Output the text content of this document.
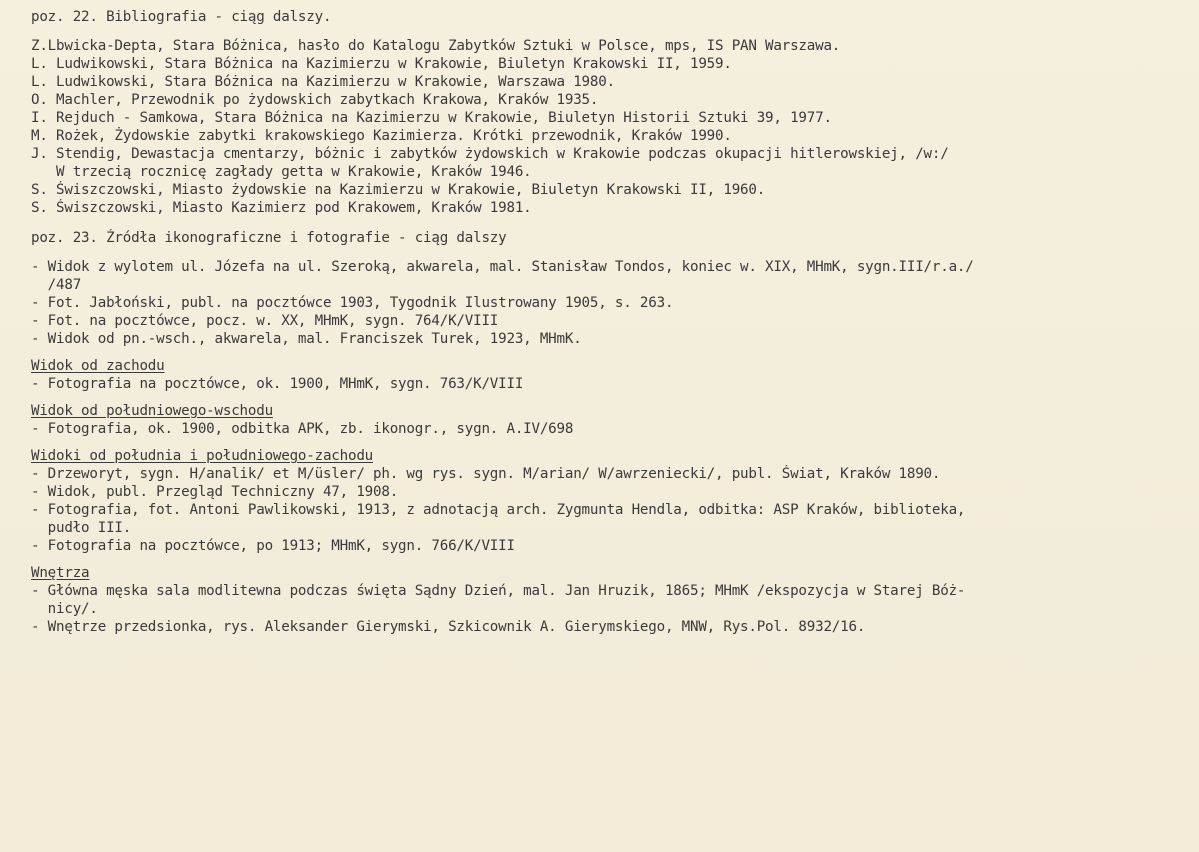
poz. 22. Bibliografia - ciąg dalszy.
Z.Lbwicka-Depta, Stara Bóżnica, hasło do Katalogu Zabytków Sztuki w Polsce, mps, IS PAN Warszawa.
L. Ludwikowski, Stara Bóżnica na Kazimierzu w Krakowie, Biuletyn Krakowski II, 1959.
L. Ludwikowski, Stara Bóżnica na Kazimierzu w Krakowie, Warszawa 1980.
O. Machler, Przewodnik po żydowskich zabytkach Krakowa, Kraków 1935.
I. Rejduch - Samkowa, Stara Bóżnica na Kazimierzu w Krakowie, Biuletyn Historii Sztuki 39, 1977.
M. Rożek, Żydowskie zabytki krakowskiego Kazimierza. Krótki przewodnik, Kraków 1990.
J. Stendig, Dewastacja cmentarzy, bóżnic i zabytków żydowskich w Krakowie podczas okupacji hitlerowskiej, /w:/
W trzecią rocznicę zagłady getta w Krakowie, Kraków 1946.
S. Świszczowski, Miasto żydowskie na Kazimierzu w Krakowie, Biuletyn Krakowski II, 1960.
S. Świszczowski, Miasto Kazimierz pod Krakowem, Kraków 1981.
poz. 23. Źródła ikonograficzne i fotografie - ciąg dalszy
- Widok z wylotem ul. Józefa na ul. Szeroką, akwarela, mal. Stanisław Tondos, koniec w. XIX, MHmK, sygn.III/r.a./
/487
- Fot. Jabłoński, publ. na pocztówce 1903, Tygodnik Ilustrowany 1905, s. 263.
- Fot. na pocztówce, pocz. w. XX, MHmK, sygn. 764/K/VIII
- Widok od pn.-wsch., akwarela, mal. Franciszek Turek, 1923, MHmK.
Widok od zachodu
- Fotografia na pocztówce, ok. 1900, MHmK, sygn. 763/K/VIII
Widok od południowego-wschodu
- Fotografia, ok. 1900, odbitka APK, zb. ikonogr., sygn. A.IV/698
Widoki od południa i południowego-zachodu
- Drzeworyt, sygn. H/analik/ et M/üsler/ ph. wg rys. sygn. M/arian/ W/awrzeniecki/, publ. Świat, Kraków 1890.
- Widok, publ. Przegląd Techniczny 47, 1908.
- Fotografia, fot. Antoni Pawlikowski, 1913, z adnotacją arch. Zygmunta Hendla, odbitka: ASP Kraków, biblioteka,
pudło III.
- Fotografia na pocztówce, po 1913; MHmK, sygn. 766/K/VIII
Wnętrza
- Główna męska sala modlitewna podczas święta Sądny Dzień, mal. Jan Hruzik, 1865; MHmK /ekspozycja w Starej Bóż-
nicy/.
- Wnętrze przedsionka, rys. Aleksander Gierymski, Szkicownik A. Gierymskiego, MNW, Rys.Pol. 8932/16.
